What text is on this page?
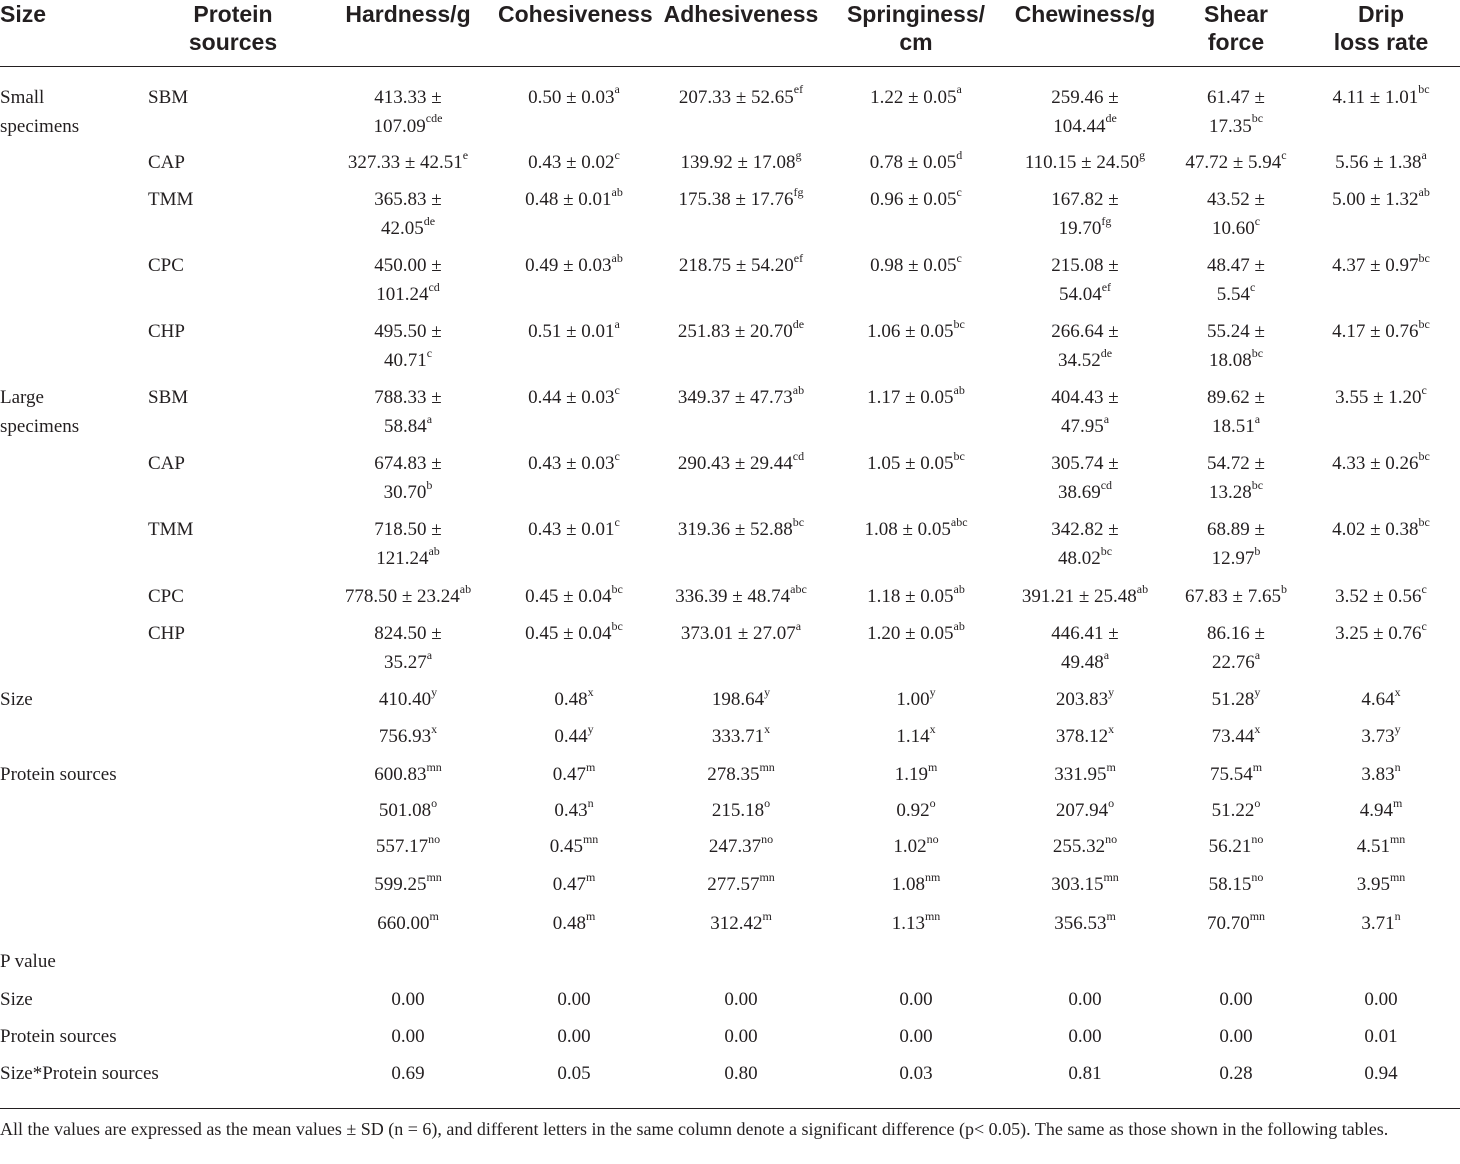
Size	Protein sources	Hardness/g	Cohesiveness	Adhesiveness	Springiness/ cm	Chewiness/g	Shear force	Drip loss rate
Small specimens	SBM	413.33 ± 107.09$^{cde}$	0.50 ± 0.03$^a$	207.33 ± 52.65$^{ef}$	1.22 ± 0.05$^a$	259.46 ± 104.44de	61.47 ± 17.35$^{bc}$	4.11 ± 1.01$^{bc}$

	CAP	327.33 ± 42.51$^e$	0.43 ± 0.02$^c$	139.92 ± 17.08$^g$	0.78 ± 0.05$^d$	110.15 ± 24.50$^g$	47.72 ± 5.94$^c$	5.56 ± 1.38$^a$

	TMM	365.83 ± 42.05de	0.48 ± 0.01$^{ab}$	175.38 ± 17.76$^{fg}$	0.96 ± 0.05$^c$	167.82 ± 19.70$^{fg}$	43.52 ± 10.60$^c$	5.00 ± 1.32$^{ab}$

	CPC	450.00 ± 101.24$^{cd}$	0.49 ± 0.03$^{ab}$	218.75 ± 54.20$^{ef}$	0.98 ± 0.05$^c$	215.08 ± 54.04$^{ef}$	48.47 ± 5.54$^c$	4.37 ± 0.97$^{bc}$

	CHP	495.50 ± 40.71$^c$	0.51 ± 0.01$^a$	251.83 ± 20.70de	1.06 ± 0.05$^{bc}$	266.64 ± 34.52de	55.24 ± 18.08$^{bc}$	4.17 ± 0.76$^{bc}$

Large specimens	SBM	788.33 ± 58.84$^a$	0.44 ± 0.03$^c$	349.37 ± 47.73$^{ab}$	1.17 ± 0.05$^{ab}$	404.43 ± 47.95$^a$	89.62 ± 18.51$^a$	3.55 ± 1.20$^c$

	CAP	674.83 ± 30.70$^b$	0.43 ± 0.03$^c$	290.43 ± 29.44$^{cd}$	1.05 ± 0.05$^{bc}$	305.74 ± 38.69$^{cd}$	54.72 ± 13.28$^{bc}$	4.33 ± 0.26$^{bc}$

	TMM	718.50 ± 121.24$^{ab}$	0.43 ± 0.01$^c$	319.36 ± 52.88$^{bc}$	1.08 ± 0.05$^{abc}$	342.82 ± 48.02$^{bc}$	68.89 ± 12.97$^b$	4.02 ± 0.38$^{bc}$

	CPC	778.50 ± 23.24$^{ab}$	0.45 ± 0.04$^{bc}$	336.39 ± 48.74$^{abc}$	1.18 ± 0.05$^{ab}$	391.21 ± 25.48$^{ab}$	67.83 ± 7.65$^b$	3.52 ± 0.56$^c$

	CHP	824.50 ± 35.27$^a$	0.45 ± 0.04$^{bc}$	373.01 ± 27.07$^a$	1.20 ± 0.05$^{ab}$	446.41 ± 49.48$^a$	86.16 ± 22.76$^a$	3.25 ± 0.76$^c$

Size		410.40$^y$	0.48$^x$	198.64$^y$	1.00$^y$	203.83$^y$	51.28$^y$	4.64$^x$

		756.93$^x$	0.44$^y$	333.71$^x$	1.14$^x$	378.12$^x$	73.44$^x$	3.73$^y$

Protein sources		$600.83^{mn}$	0.47$^m$	$278.35^{mn}$	1.19$^m$	331.95$^m$	75.54$^m$	3.83$^n$

		501.08$^o$	0.43$^n$	215.18$^o$	0.92$^o$	207.94$^o$	51.22$^o$	4.94$^m$

		$557.17^{no}$	$0.45^{mn}$	$247.37^{no}$	$1.02^{no}$	$255.32^{no}$	$56.21^{no}$	$4.51^{mn}$

		$599.25^{mn}$	0.47$^m$	$277.57^{mn}$	$1.08^{nm}$	$303.15^{mn}$	$58.15^{no}$	$3.95^{mn}$

		660.00$^m$	0.48$^m$	312.42$^m$	$1.13^{mn}$	356.53$^m$	$70.70^{mn}$	3.71$^n$

P value		

Size		0.00	0.00	0.00	0.00	0.00	0.00	0.00

Protein sources		0.00	0.00	0.00	0.00	0.00	0.00	0.01

Size*Protein sources		0.69	0.05	0.80	0.03	0.81	0.28	0.94
All the values are expressed as the mean values ± SD (n = 6), and different letters in the same column denote a significant difference (p< 0.05). The same as those shown in the following tables.
